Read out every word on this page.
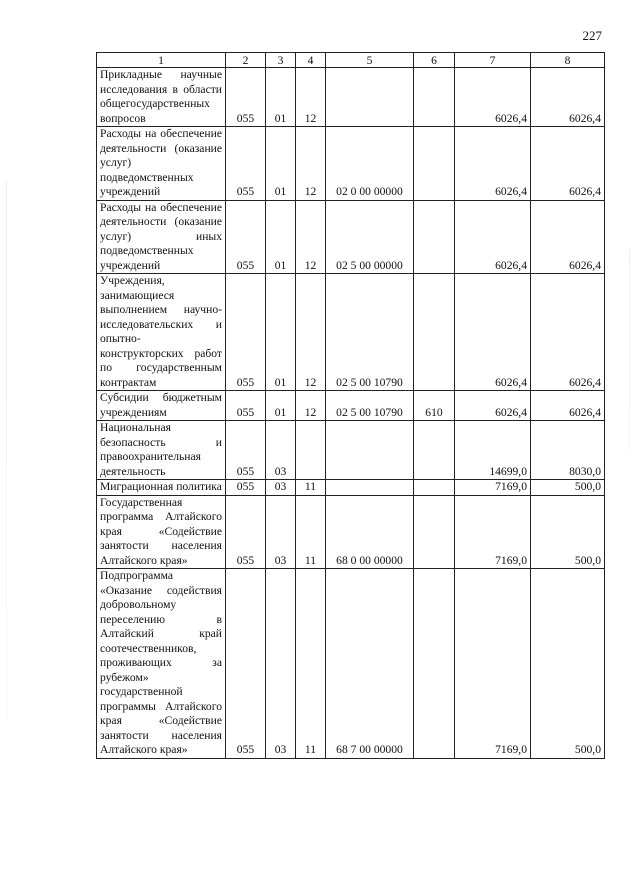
227
1	2	3	4	5	6	7	8
Прикладные научные исследования в области общегосударственных вопросов	055	01	12			6026,4	6026,4
Расходы на обеспечение деятельности (оказание услуг) подведомственных учреждений	055	01	12	02 0 00 00000		6026,4	6026,4
Расходы на обеспечение деятельности (оказание услуг) иных подведомственных учреждений	055	01	12	02 5 00 00000		6026,4	6026,4
Учреждения, занимающиеся выполнением научно-исследовательских и опытно-конструкторских работ по государственным контрактам	055	01	12	02 5 00 10790		6026,4	6026,4
Субсидии бюджетным учреждениям	055	01	12	02 5 00 10790	610	6026,4	6026,4
Национальная безопасность и правоохранительная деятельность	055	03				14699,0	8030,0
Миграционная политика	055	03	11			7169,0	500,0
Государственная программа Алтайского края «Содействие занятости населения Алтайского края»	055	03	11	68 0 00 00000		7169,0	500,0
Подпрограмма «Оказание содействия добровольному переселению в Алтайский край соотечественников, проживающих за рубежом» государственной программы Алтайского края «Содействие занятости населения Алтайского края»	055	03	11	68 7 00 00000		7169,0	500,0
